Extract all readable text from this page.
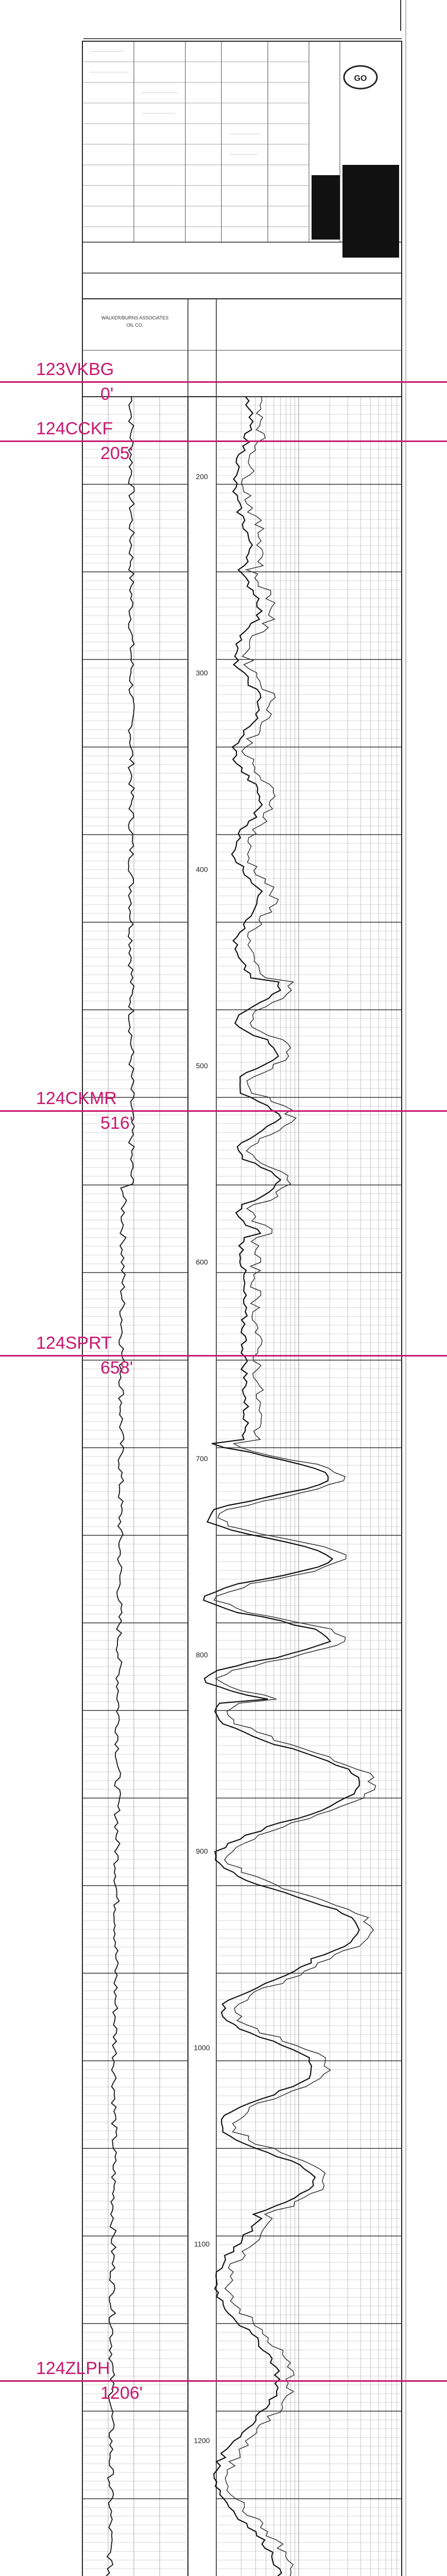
GO
WALKER/BURNS ASSOCIATES
OIL CO.
200
300
400
500
600
700
800
900
1000
1100
1200
123VKBG
0'
124CCKF
205'
124CKMR
516'
124SPRT
658'
124ZLPH
1206'
